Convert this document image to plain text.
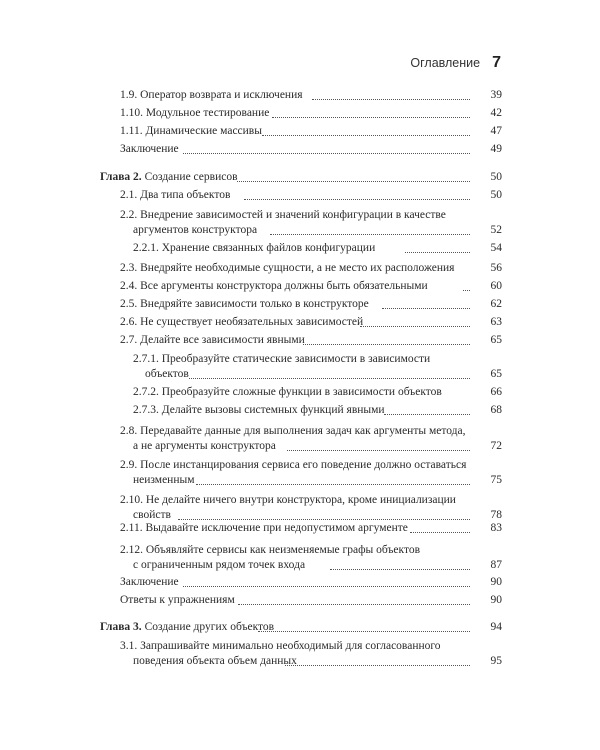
Оглавление 7
1.9. Оператор возврата и исключения	39
1.10. Модульное тестирование	42
1.11. Динамические массивы	47
Заключение	49
Глава 2. Создание сервисов	50
2.1. Два типа объектов	50
2.2. Внедрение зависимостей и значений конфигурации в качестве
аргументов конструктора	52
2.2.1. Хранение связанных файлов конфигурации	54
2.3. Внедряйте необходимые сущности, а не место их расположения	56
2.4. Все аргументы конструктора должны быть обязательными	60
2.5. Внедряйте зависимости только в конструкторе	62
2.6. Не существует необязательных зависимостей	63
2.7. Делайте все зависимости явными	65
2.7.1. Преобразуйте статические зависимости в зависимости
объектов	65
2.7.2. Преобразуйте сложные функции в зависимости объектов	66
2.7.3. Делайте вызовы системных функций явными	68
2.8. Передавайте данные для выполнения задач как аргументы метода,
а не аргументы конструктора	72
2.9. После инстанцирования сервиса его поведение должно оставаться
неизменным	75
2.10. Не делайте ничего внутри конструктора, кроме инициализации
свойств	78
2.11. Выдавайте исключение при недопустимом аргументе	83
2.12. Объявляйте сервисы как неизменяемые графы объектов
с ограниченным рядом точек входа	87
Заключение	90
Ответы к упражнениям	90
Глава 3. Создание других объектов	94
3.1. Запрашивайте минимально необходимый для согласованного
поведения объекта объем данных	95
